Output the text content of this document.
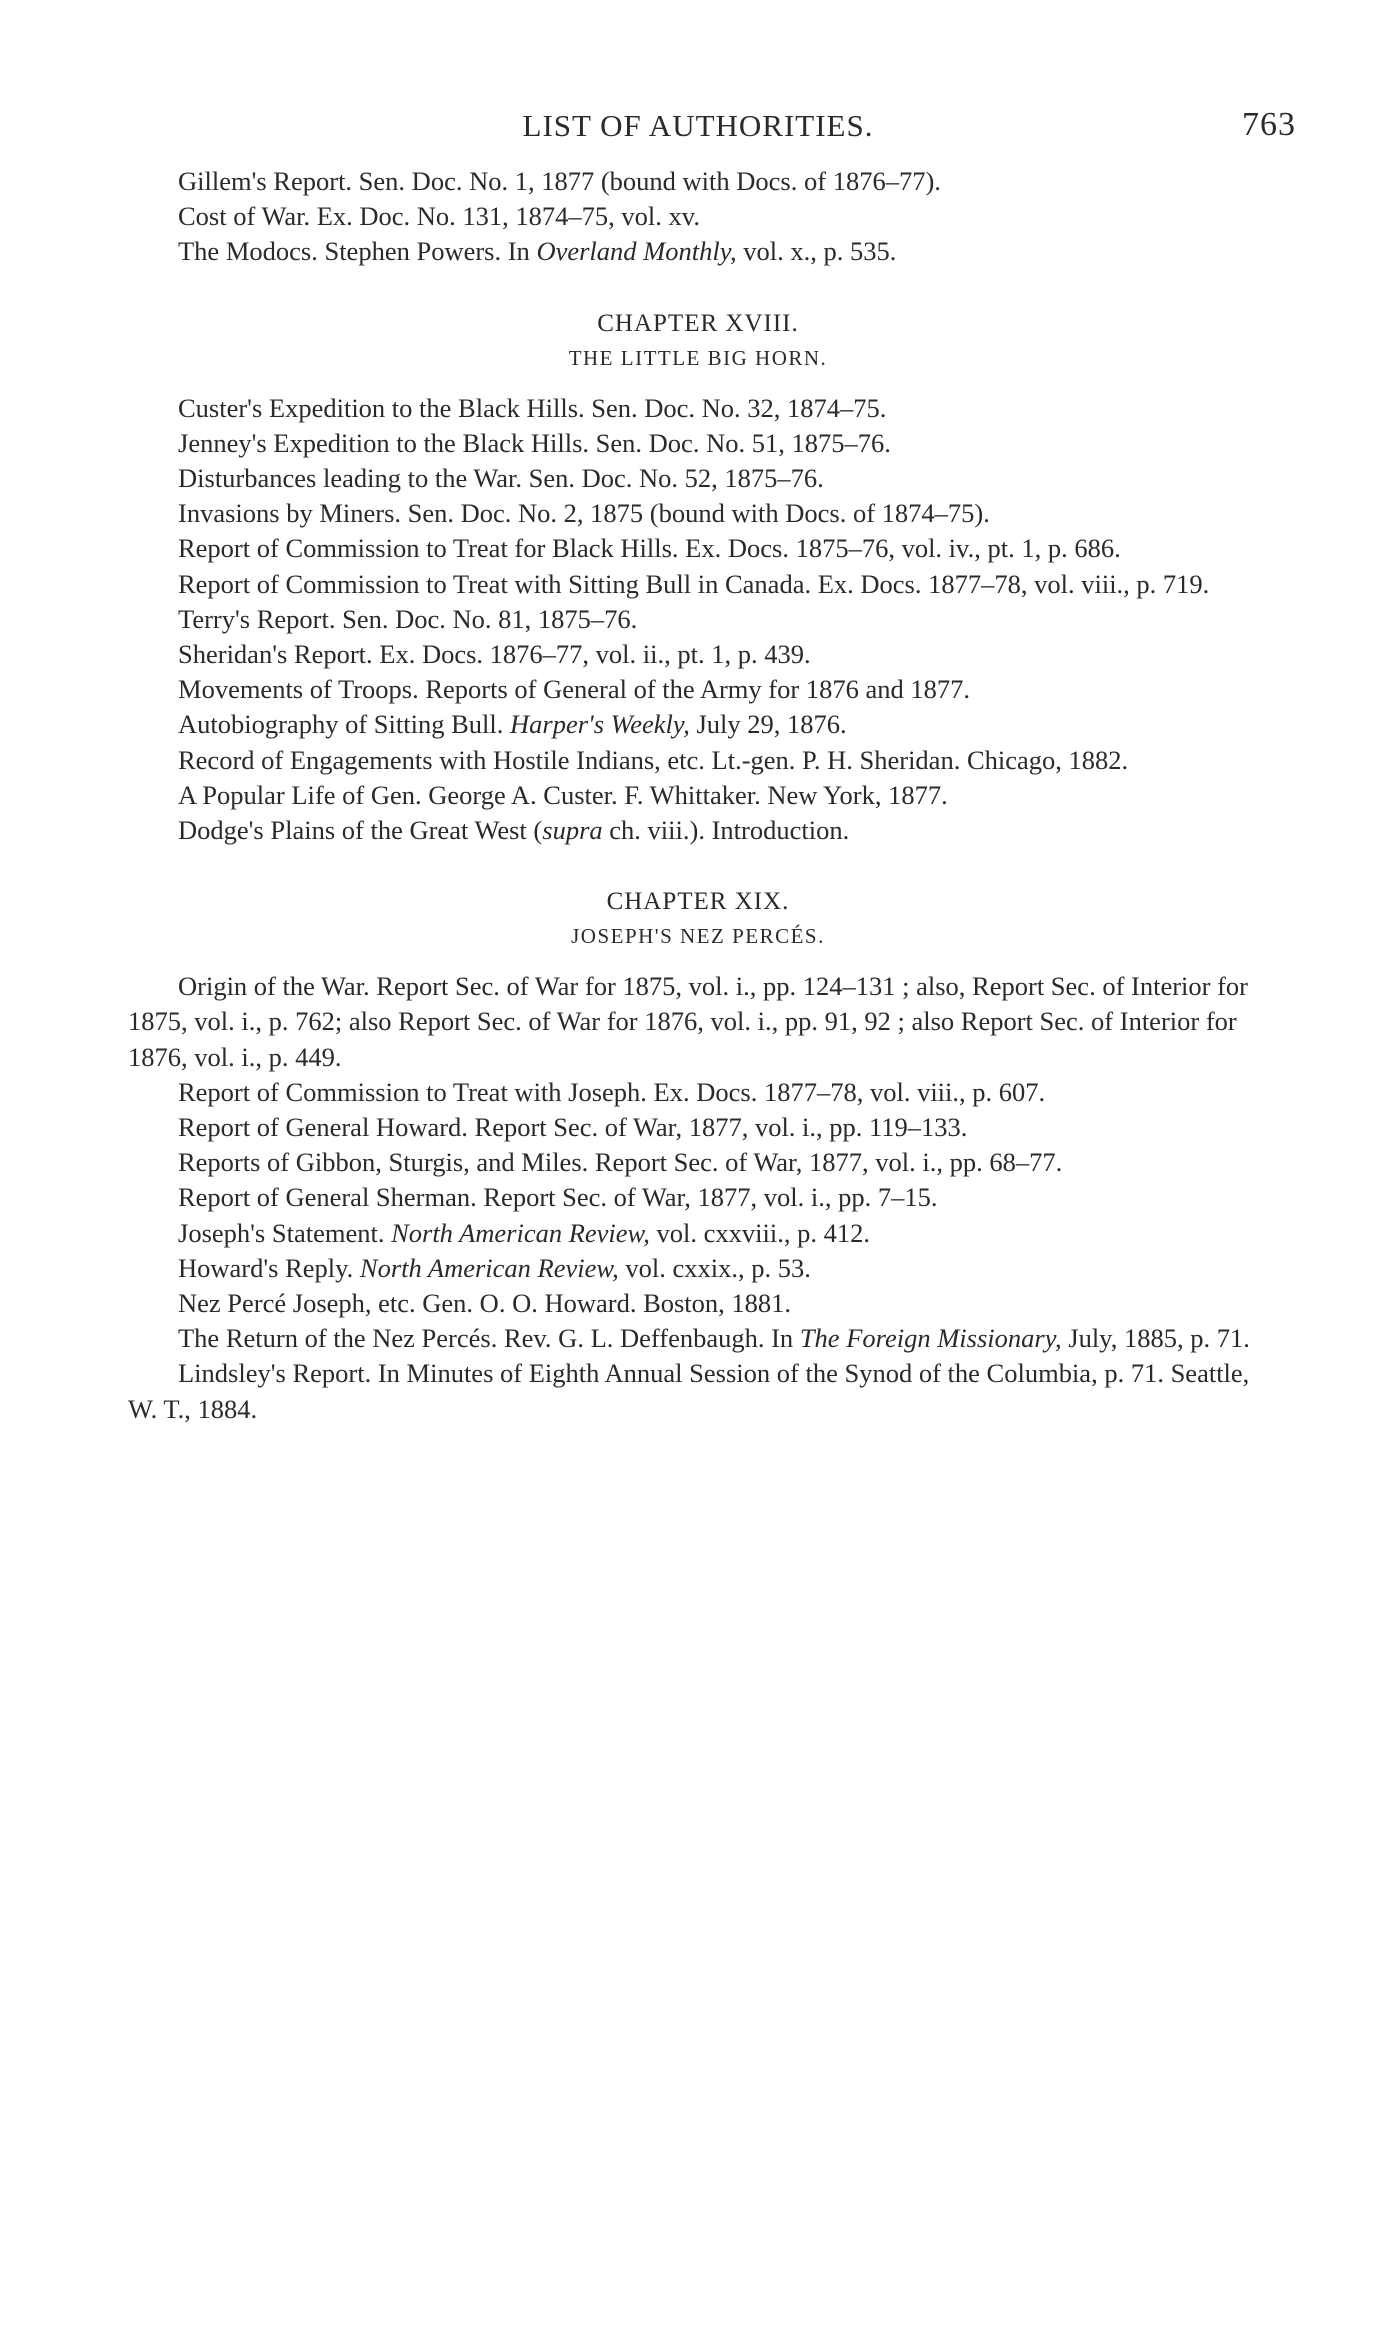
LIST OF AUTHORITIES.	763

Gillem's Report. Sen. Doc. No. 1, 1877 (bound with Docs. of 1876–77).

Cost of War. Ex. Doc. No. 131, 1874–75, vol. xv.

The Modocs. Stephen Powers. In Overland Monthly, vol. x., p. 535.

CHAPTER XVIII.
THE LITTLE BIG HORN.

Custer's Expedition to the Black Hills. Sen. Doc. No. 32, 1874–75.

Jenney's Expedition to the Black Hills. Sen. Doc. No. 51, 1875–76.

Disturbances leading to the War. Sen. Doc. No. 52, 1875–76.

Invasions by Miners. Sen. Doc. No. 2, 1875 (bound with Docs. of 1874–75).

Report of Commission to Treat for Black Hills. Ex. Docs. 1875–76, vol. iv., pt. 1, p. 686.

Report of Commission to Treat with Sitting Bull in Canada. Ex. Docs. 1877–78, vol. viii., p. 719.

Terry's Report. Sen. Doc. No. 81, 1875–76.

Sheridan's Report. Ex. Docs. 1876–77, vol. ii., pt. 1, p. 439.

Movements of Troops. Reports of General of the Army for 1876 and 1877.

Autobiography of Sitting Bull. Harper's Weekly, July 29, 1876.

Record of Engagements with Hostile Indians, etc. Lt.-gen. P. H. Sheridan. Chicago, 1882.

A Popular Life of Gen. George A. Custer. F. Whittaker. New York, 1877.

Dodge's Plains of the Great West (supra ch. viii.). Introduction.

CHAPTER XIX.
JOSEPH'S NEZ PERCÉS.

Origin of the War. Report Sec. of War for 1875, vol. i., pp. 124–131 ; also, Report Sec. of Interior for 1875, vol. i., p. 762; also Report Sec. of War for 1876, vol. i., pp. 91, 92 ; also Report Sec. of Interior for 1876, vol. i., p. 449.

Report of Commission to Treat with Joseph. Ex. Docs. 1877–78, vol. viii., p. 607.

Report of General Howard. Report Sec. of War, 1877, vol. i., pp. 119–133.

Reports of Gibbon, Sturgis, and Miles. Report Sec. of War, 1877, vol. i., pp. 68–77.

Report of General Sherman. Report Sec. of War, 1877, vol. i., pp. 7–15.

Joseph's Statement. North American Review, vol. cxxviii., p. 412.

Howard's Reply. North American Review, vol. cxxix., p. 53.

Nez Percé Joseph, etc. Gen. O. O. Howard. Boston, 1881.

The Return of the Nez Percés. Rev. G. L. Deffenbaugh. In The Foreign Missionary, July, 1885, p. 71.

Lindsley's Report. In Minutes of Eighth Annual Session of the Synod of the Columbia, p. 71. Seattle, W. T., 1884.
